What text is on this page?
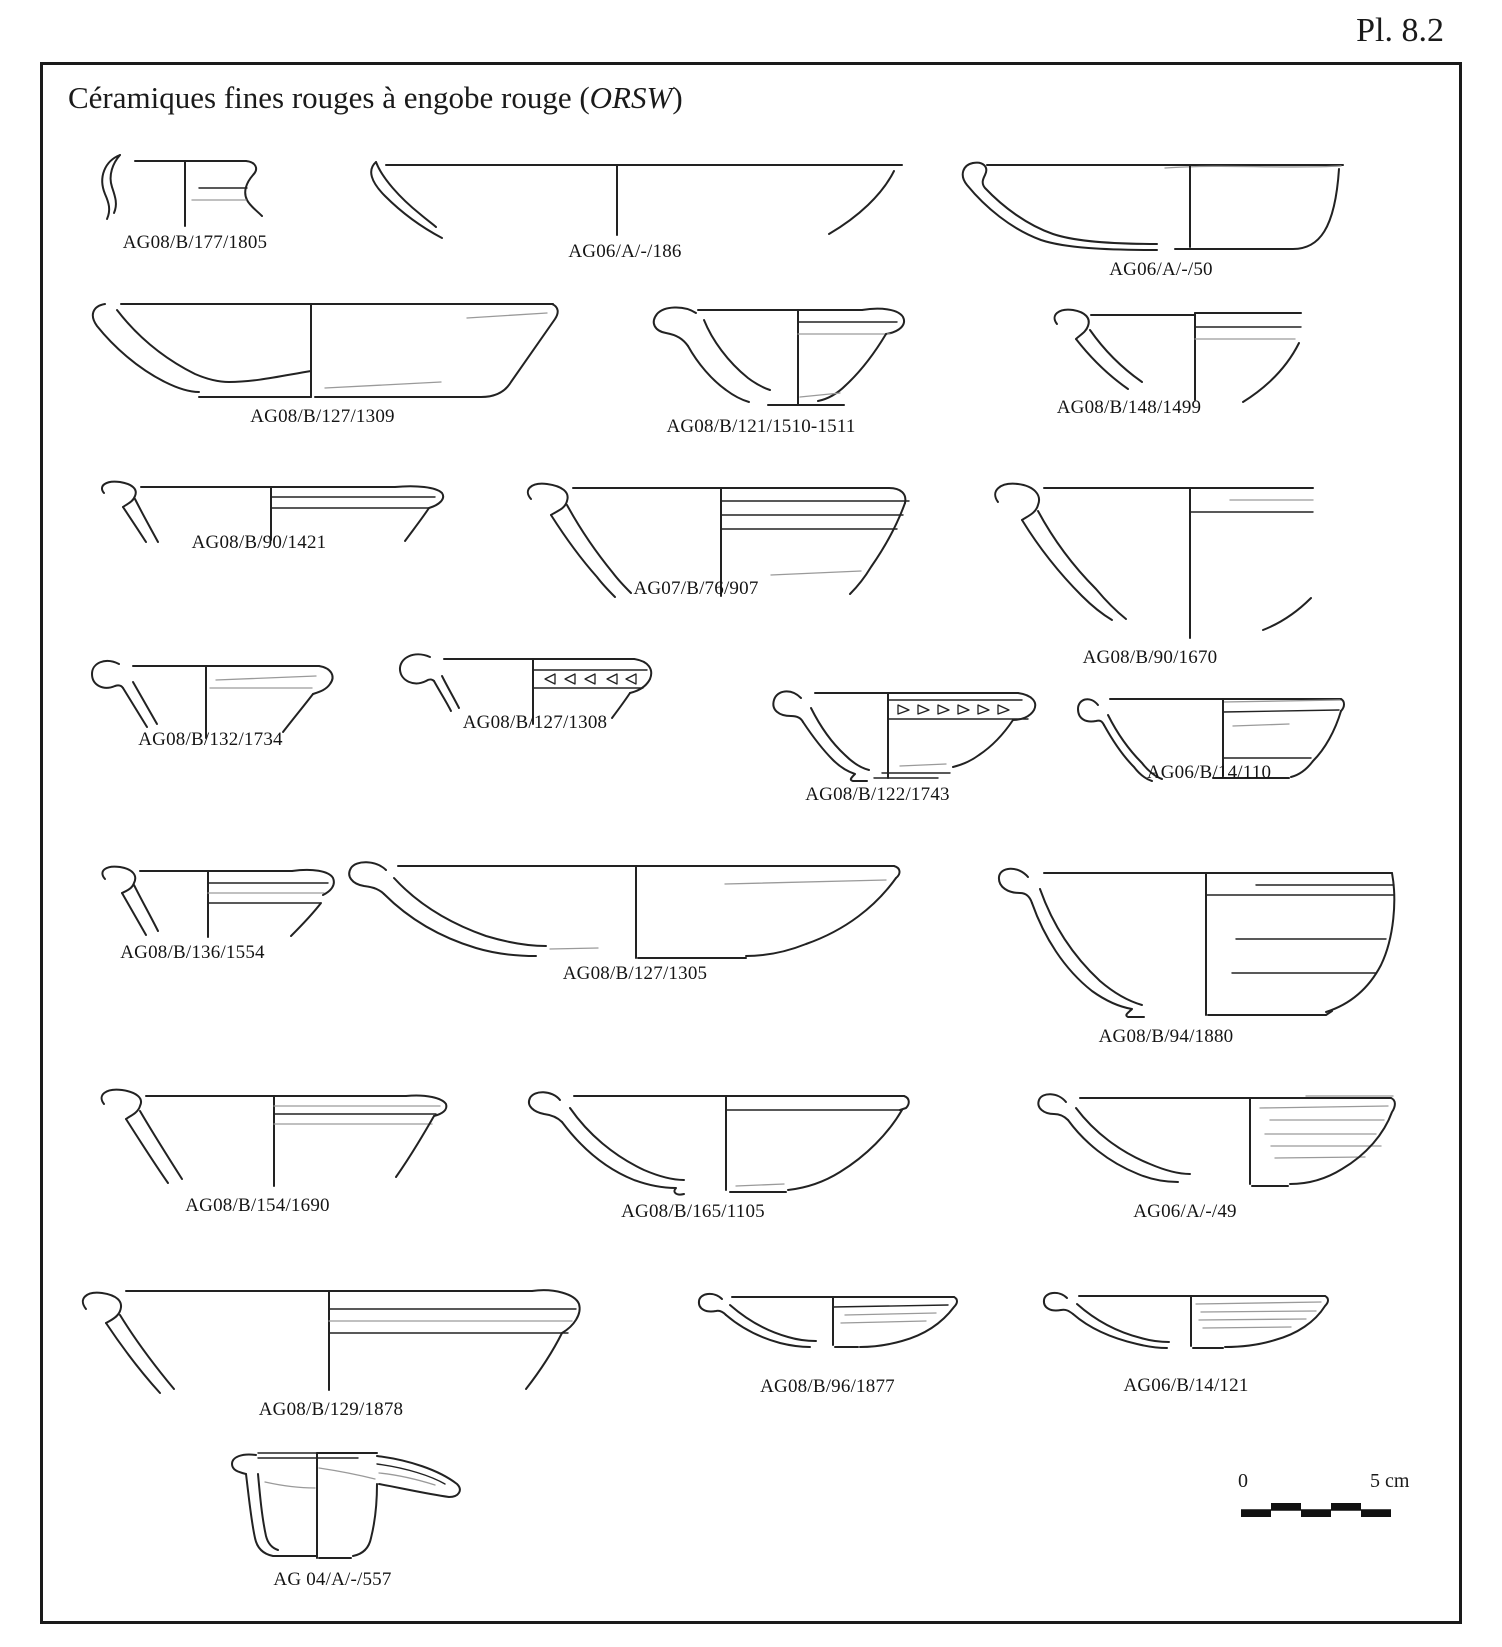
Pl. 8.2
Céramiques fines rouges à engobe rouge (ORSW)
AG08/B/177/1805	AG06/A/-/186
AG06/A/-/50
AG08/B/127/1309	AG08/B/121/1510-1511
AG08/B/148/1499
AG08/B/90/1421
AG07/B/76/907
AG08/B/90/1670
AG08/B/132/1734
AG08/B/127/1308
AG08/B/122/1743
AG06/B/14/110
AG08/B/136/1554
AG08/B/127/1305
AG08/B/94/1880
AG08/B/154/1690	AG08/B/165/1105	AG06/A/-/49
AG08/B/129/1878
AG08/B/96/1877	AG06/B/14/121
AG 04/A/-/557
0	5 cm
